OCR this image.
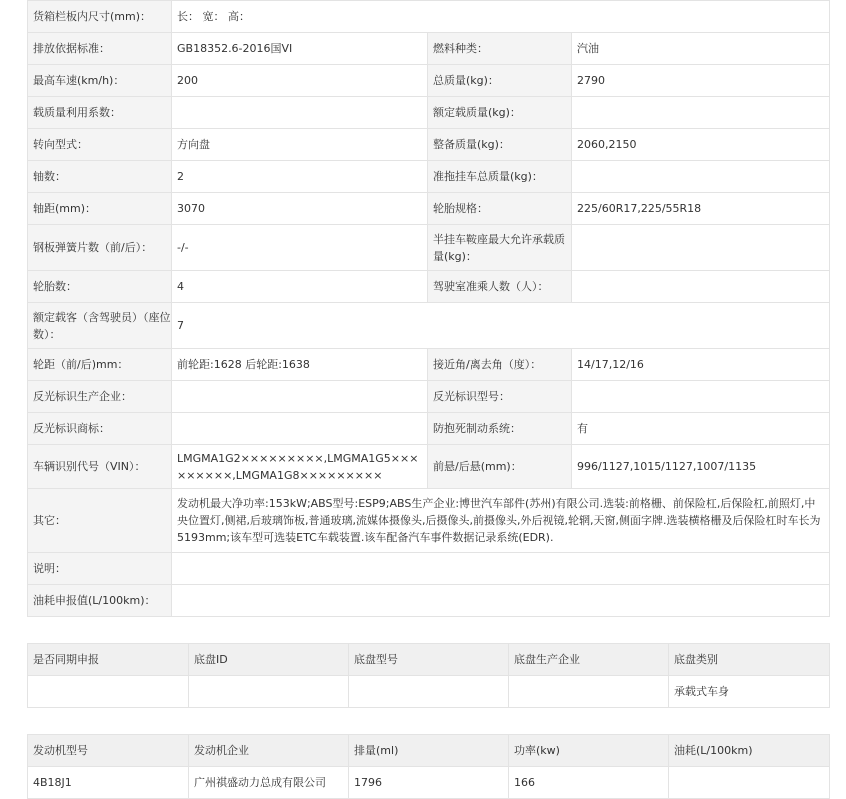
货箱栏板内尺寸(mm)：	长： 宽： 高：		
排放依据标准：	GB18352.6-2016国VI	燃料种类：	汽油
最高车速(km/h)：	200	总质量(kg)：	2790
载质量利用系数：		额定载质量(kg)：	
转向型式：	方向盘	整备质量(kg)：	2060,2150
轴数：	2	准拖挂车总质量(kg)：	
轴距(mm)：	3070	轮胎规格：	225/60R17,225/55R18
钢板弹簧片数（前/后）：	-/-	半挂车鞍座最大允许承载质量(kg)：	
轮胎数：	4	驾驶室准乘人数（人）：	
额定载客（含驾驶员）（座位数）：	7		
轮距（前/后)mm：	前轮距:1628 后轮距:1638	接近角/离去角（度）：	14/17,12/16
反光标识生产企业：		反光标识型号：	
反光标识商标：		防抱死制动系统：	有
车辆识别代号（VIN）：	LMGMA1G2×××××××××,LMGMA1G5×××××××××,LMGMA1G8×××××××××	前悬/后悬(mm)：	996/1127,1015/1127,1007/1135
其它：	发动机最大净功率:153kW;ABS型号:ESP9;ABS生产企业:博世汽车部件(苏州)有限公司.选装:前格栅、前保险杠,后保险杠,前照灯,中央位置灯,侧裙,后玻璃饰板,普通玻璃,流媒体摄像头,后摄像头,前摄像头,外后视镜,轮辋,天窗,侧面字牌.选装横格栅及后保险杠时车长为5193mm;该车型可选装ETC车载装置.该车配备汽车事件数据记录系统(EDR).		
说明：			
油耗申报值(L/100km)：			
是否同期申报	底盘ID	底盘型号	底盘生产企业	底盘类别
				承载式车身
发动机型号	发动机企业	排量(ml)	功率(kw)	油耗(L/100km)
4B18J1	广州祺盛动力总成有限公司	1796	166	
